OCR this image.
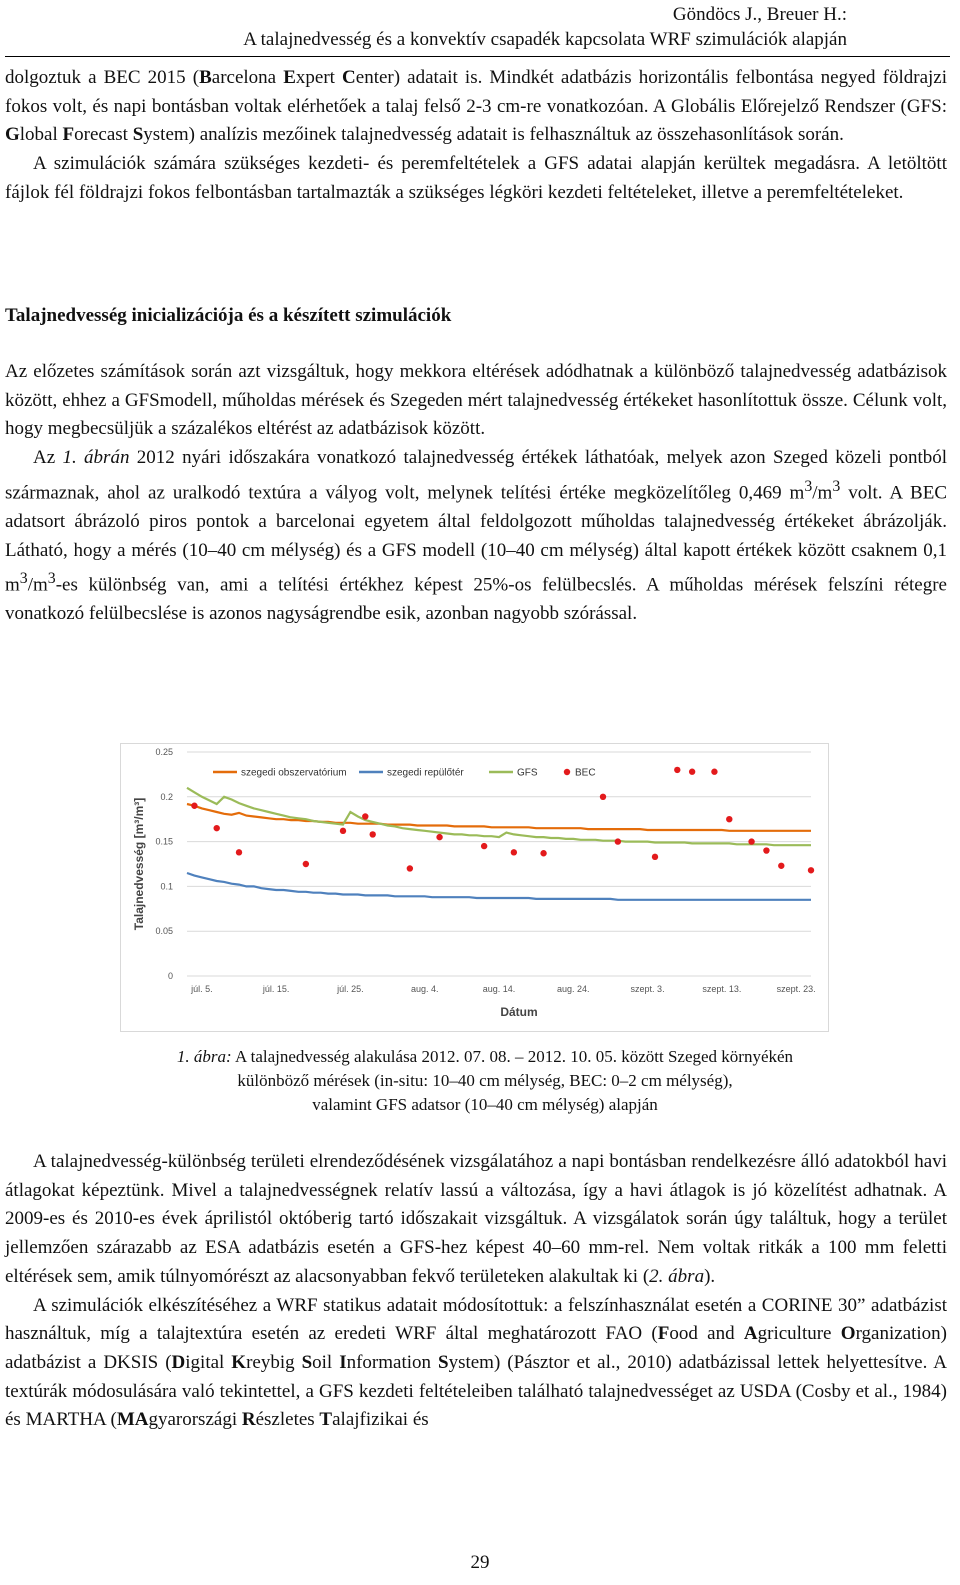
Göndöcs J., Breuer H.:
A talajnedvesség és a konvektív csapadék kapcsolata WRF szimulációk alapján

dolgoztuk a BEC 2015 (Barcelona Expert Center) adatait is. Mindkét adatbázis horizontális felbontása negyed földrajzi fokos volt, és napi bontásban voltak elérhetőek a talaj felső 2-3 cm-re vonatkozóan. A Globális Előrejelző Rendszer (GFS: Global Forecast System) analízis mezőinek talajnedvesség adatait is felhasználtuk az összehasonlítások során.

A szimulációk számára szükséges kezdeti- és peremfeltételek a GFS adatai alapján kerültek megadásra. A letöltött fájlok fél földrajzi fokos felbontásban tartalmazták a szükséges légköri kezdeti feltételeket, illetve a peremfeltételeket.

Talajnedvesség inicializációja és a készített szimulációk

Az előzetes számítások során azt vizsgáltuk, hogy mekkora eltérések adódhatnak a különböző talajnedvesség adatbázisok között, ehhez a GFSmodell, műholdas mérések és Szegeden mért talajnedvesség értékeket hasonlítottuk össze. Célunk volt, hogy megbecsüljük a százalékos eltérést az adatbázisok között.

Az 1. ábrán 2012 nyári időszakára vonatkozó talajnedvesség értékek láthatóak, melyek azon Szeged közeli pontból származnak, ahol az uralkodó textúra a vályog volt, melynek telítési értéke megközelítőleg 0,469 $m^3/m^3$ volt. A BEC adatsort ábrázoló piros pontok a barcelonai egyetem által feldolgozott műholdas talajnedvesség értékeket ábrázolják. Látható, hogy a mérés (10–40 cm mélység) és a GFS modell (10–40 cm mélység) által kapott értékek között csaknem 0,1 $m^3/m^3-es$ különbség van, ami a telítési értékhez képest 25%-os felülbecslés. A műholdas mérések felszíni rétegre vonatkozó felülbecslése is azonos nagyságrendbe esik, azonban nagyobb szórással.

0.25
0.2
0.15
0.1
0.05
0
júl. 5.	júl. 15.	júl. 25.	aug. 4.	aug. 14.	aug. 24.	szept. 3.	szept. 13.	szept. 23.
Dátum
Talajnedvesség [m³/m³]
szegedi obszervatórium	szegedi repülőtér	GFS	BEC
1. ábra: A talajnedvesség alakulása 2012. 07. 08. – 2012. 10. 05. között Szeged környékén
különböző mérések (in-situ: 10–40 cm mélység, BEC: 0–2 cm mélység),
valamint GFS adatsor (10–40 cm mélység) alapján

A talajnedvesség-különbség területi elrendeződésének vizsgálatához a napi bontásban rendelkezésre álló adatokból havi átlagokat képeztünk. Mivel a talajnedvességnek relatív lassú a változása, így a havi átlagok is jó közelítést adhatnak. A 2009-es és 2010-es évek áprilistól októberig tartó időszakait vizsgáltuk. A vizsgálatok során úgy találtuk, hogy a terület jellemzően szárazabb az ESA adatbázis esetén a GFS-hez képest 40–60 mm-rel. Nem voltak ritkák a 100 mm feletti eltérések sem, amik túlnyomórészt az alacsonyabban fekvő területeken alakultak ki (2. ábra).

A szimulációk elkészítéséhez a WRF statikus adatait módosítottuk: a felszínhasználat esetén a CORINE 30” adatbázist használtuk, míg a talajtextúra esetén az eredeti WRF által meghatározott FAO (Food and Agriculture Organization) adatbázist a DKSIS (Digital Kreybig Soil Information System) (Pásztor et al., 2010) adatbázissal lettek helyettesítve. A textúrák módosulására való tekintettel, a GFS kezdeti feltételeiben található talajnedvességet az USDA (Cosby et al., 1984) és MARTHA (MAgyarországi Részletes Talajfizikai és

29
